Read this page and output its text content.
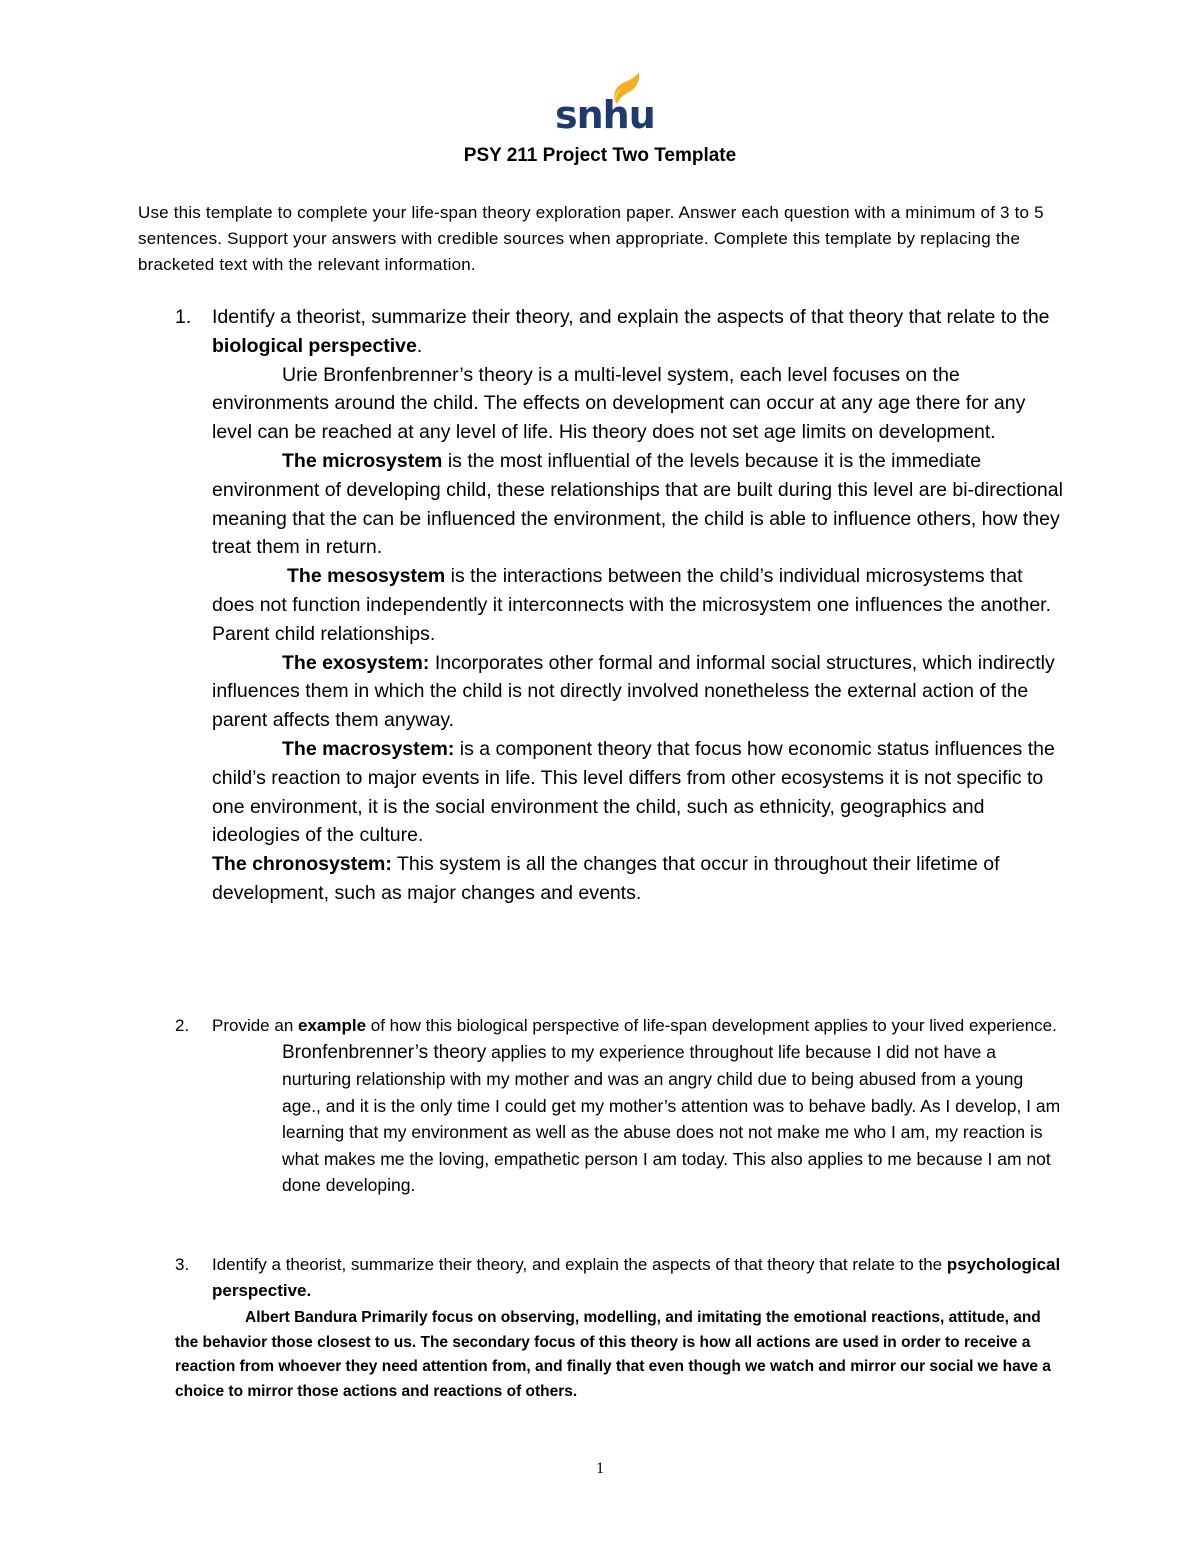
snhu
PSY 211 Project Two Template
Use this template to complete your life-span theory exploration paper. Answer each question with a minimum of 3 to 5 sentences. Support your answers with credible sources when appropriate. Complete this template by replacing the bracketed text with the relevant information.
1. Identify a theorist, summarize their theory, and explain the aspects of that theory that relate to the biological perspective.

Urie Bronfenbrenner’s theory is a multi-level system, each level focuses on the environments around the child. The effects on development can occur at any age there for any level can be reached at any level of life. His theory does not set age limits on development.

The microsystem is the most influential of the levels because it is the immediate environment of developing child, these relationships that are built during this level are bi-directional meaning that the can be influenced the environment, the child is able to influence others, how they treat them in return.

The mesosystem is the interactions between the child’s individual microsystems that does not function independently it interconnects with the microsystem one influences the another. Parent child relationships.

The exosystem: Incorporates other formal and informal social structures, which indirectly influences them in which the child is not directly involved nonetheless the external action of the parent affects them anyway.

The macrosystem: is a component theory that focus how economic status influences the child’s reaction to major events in life. This level differs from other ecosystems it is not specific to one environment, it is the social environment the child, such as ethnicity, geographics and ideologies of the culture.

The chronosystem: This system is all the changes that occur in throughout their lifetime of development, such as major changes and events.

2. Provide an example of how this biological perspective of life-span development applies to your lived experience.

Bronfenbrenner’s theory applies to my experience throughout life because I did not have a nurturing relationship with my mother and was an angry child due to being abused from a young age., and it is the only time I could get my mother’s attention was to behave badly. As I develop, I am learning that my environment as well as the abuse does not not make me who I am, my reaction is what makes me the loving, empathetic person I am today. This also applies to me because I am not done developing.

3. Identify a theorist, summarize their theory, and explain the aspects of that theory that relate to the psychological perspective.

Albert Bandura Primarily focus on observing, modelling, and imitating the emotional reactions, attitude, and the behavior those closest to us. The secondary focus of this theory is how all actions are used in order to receive a reaction from whoever they need attention from, and finally that even though we watch and mirror our social we have a choice to mirror those actions and reactions of others.
1
